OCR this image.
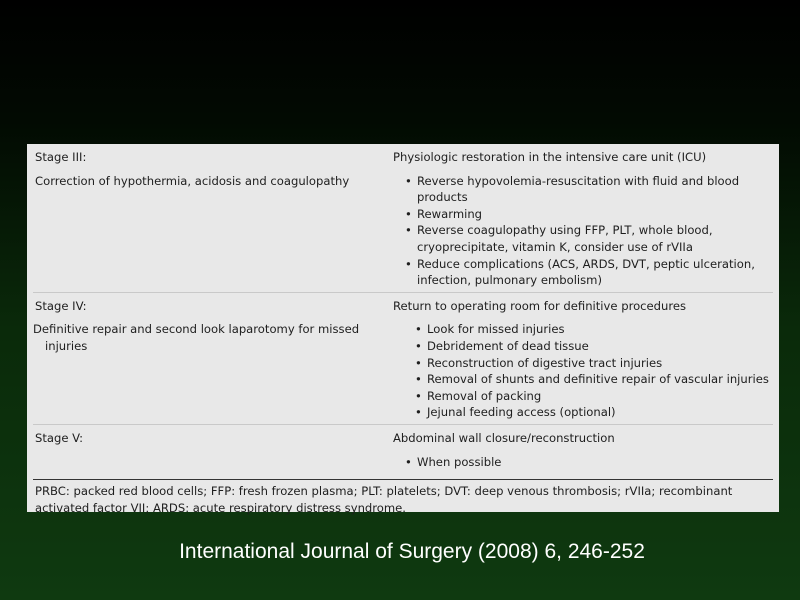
Stage III:	Physiologic restoration in the intensive care unit (ICU)
Correction of hypothermia, acidosis and coagulopathy
•	Reverse hypovolemia-resuscitation with fluid and blood products
• Rewarming
• Reverse coagulopathy using FFP, PLT, whole blood, cryoprecipitate, vitamin K, consider use of rVIIa
• Reduce complications (ACS, ARDS, DVT, peptic ulceration, infection, pulmonary embolism)
Stage IV:	Return to operating room for definitive procedures
Definitive repair and second look laparotomy for missed injuries
• Look for missed injuries
• Debridement of dead tissue
• Reconstruction of digestive tract injuries
• Removal of shunts and definitive repair of vascular injuries
• Removal of packing
• Jejunal feeding access (optional)
Stage V:	Abdominal wall closure/reconstruction
• When possible
PRBC: packed red blood cells; FFP: fresh frozen plasma; PLT: platelets; DVT: deep venous thrombosis; rVIIa; recombinant activated factor VII; ARDS: acute respiratory distress syndrome.
International Journal of Surgery (2008) 6, 246-252
